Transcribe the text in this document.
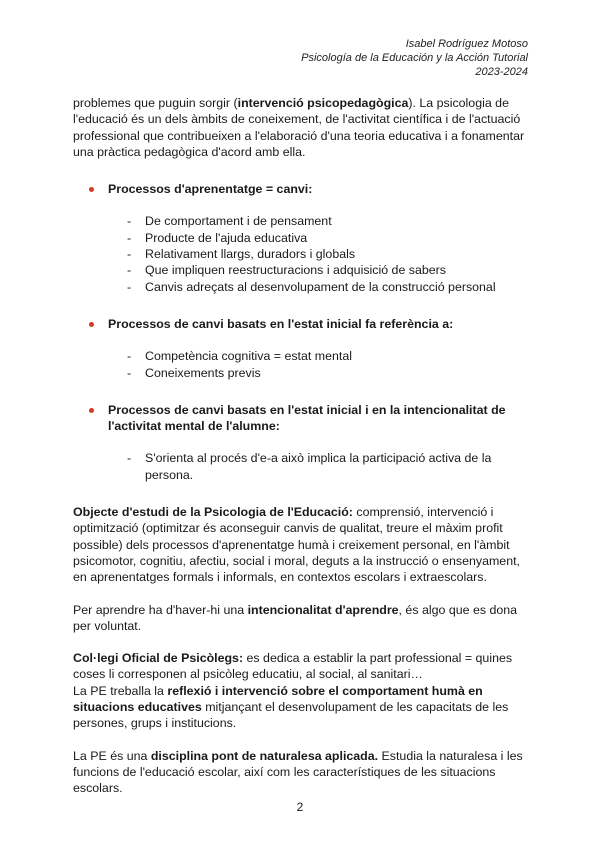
Isabel Rodríguez Motoso
Psicología de la Educación y la Acción Tutorial
2023-2024

problemes que puguin sorgir (intervenció psicopedagògica). La psicologia de l'educació és un dels àmbits de coneixement, de l'activitat científica i de l'actuació professional que contribueixen a l'elaboració d'una teoria educativa i a fonamentar una pràctica pedagògica d'acord amb ella.

Processos d'aprenentatge = canvi:
- De comportament i de pensament
- Producte de l'ajuda educativa
- Relativament llargs, duradors i globals
- Que impliquen reestructuracions i adquisició de sabers
- Canvis adreçats al desenvolupament de la construcció personal
Processos de canvi basats en l'estat inicial fa referència a:
- Competència cognitiva = estat mental
- Coneixements previs
Processos de canvi basats en l'estat inicial i en la intencionalitat de l'activitat mental de l'alumne:
- S'orienta al procés d'e-a això implica la participació activa de la persona.

Objecte d'estudi de la Psicologia de l'Educació: comprensió, intervenció i optimització (optimitzar és aconseguir canvis de qualitat, treure el màxim profit possible) dels processos d'aprenentatge humà i creixement personal, en l'àmbit psicomotor, cognitiu, afectiu, social i moral, deguts a la instrucció o ensenyament, en aprenentatges formals i informals, en contextos escolars i extraescolars.

Per aprendre ha d'haver-hi una intencionalitat d'aprendre, és algo que es dona per voluntat.

Col·legi Oficial de Psicòlegs: es dedica a establir la part professional = quines coses li corresponen al psicòleg educatiu, al social, al sanitari…

La PE treballa la reflexió i intervenció sobre el comportament humà en situacions educatives mitjançant el desenvolupament de les capacitats de les persones, grups i institucions.

La PE és una disciplina pont de naturalesa aplicada. Estudia la naturalesa i les funcions de l'educació escolar, així com les característiques de les situacions escolars.

2
